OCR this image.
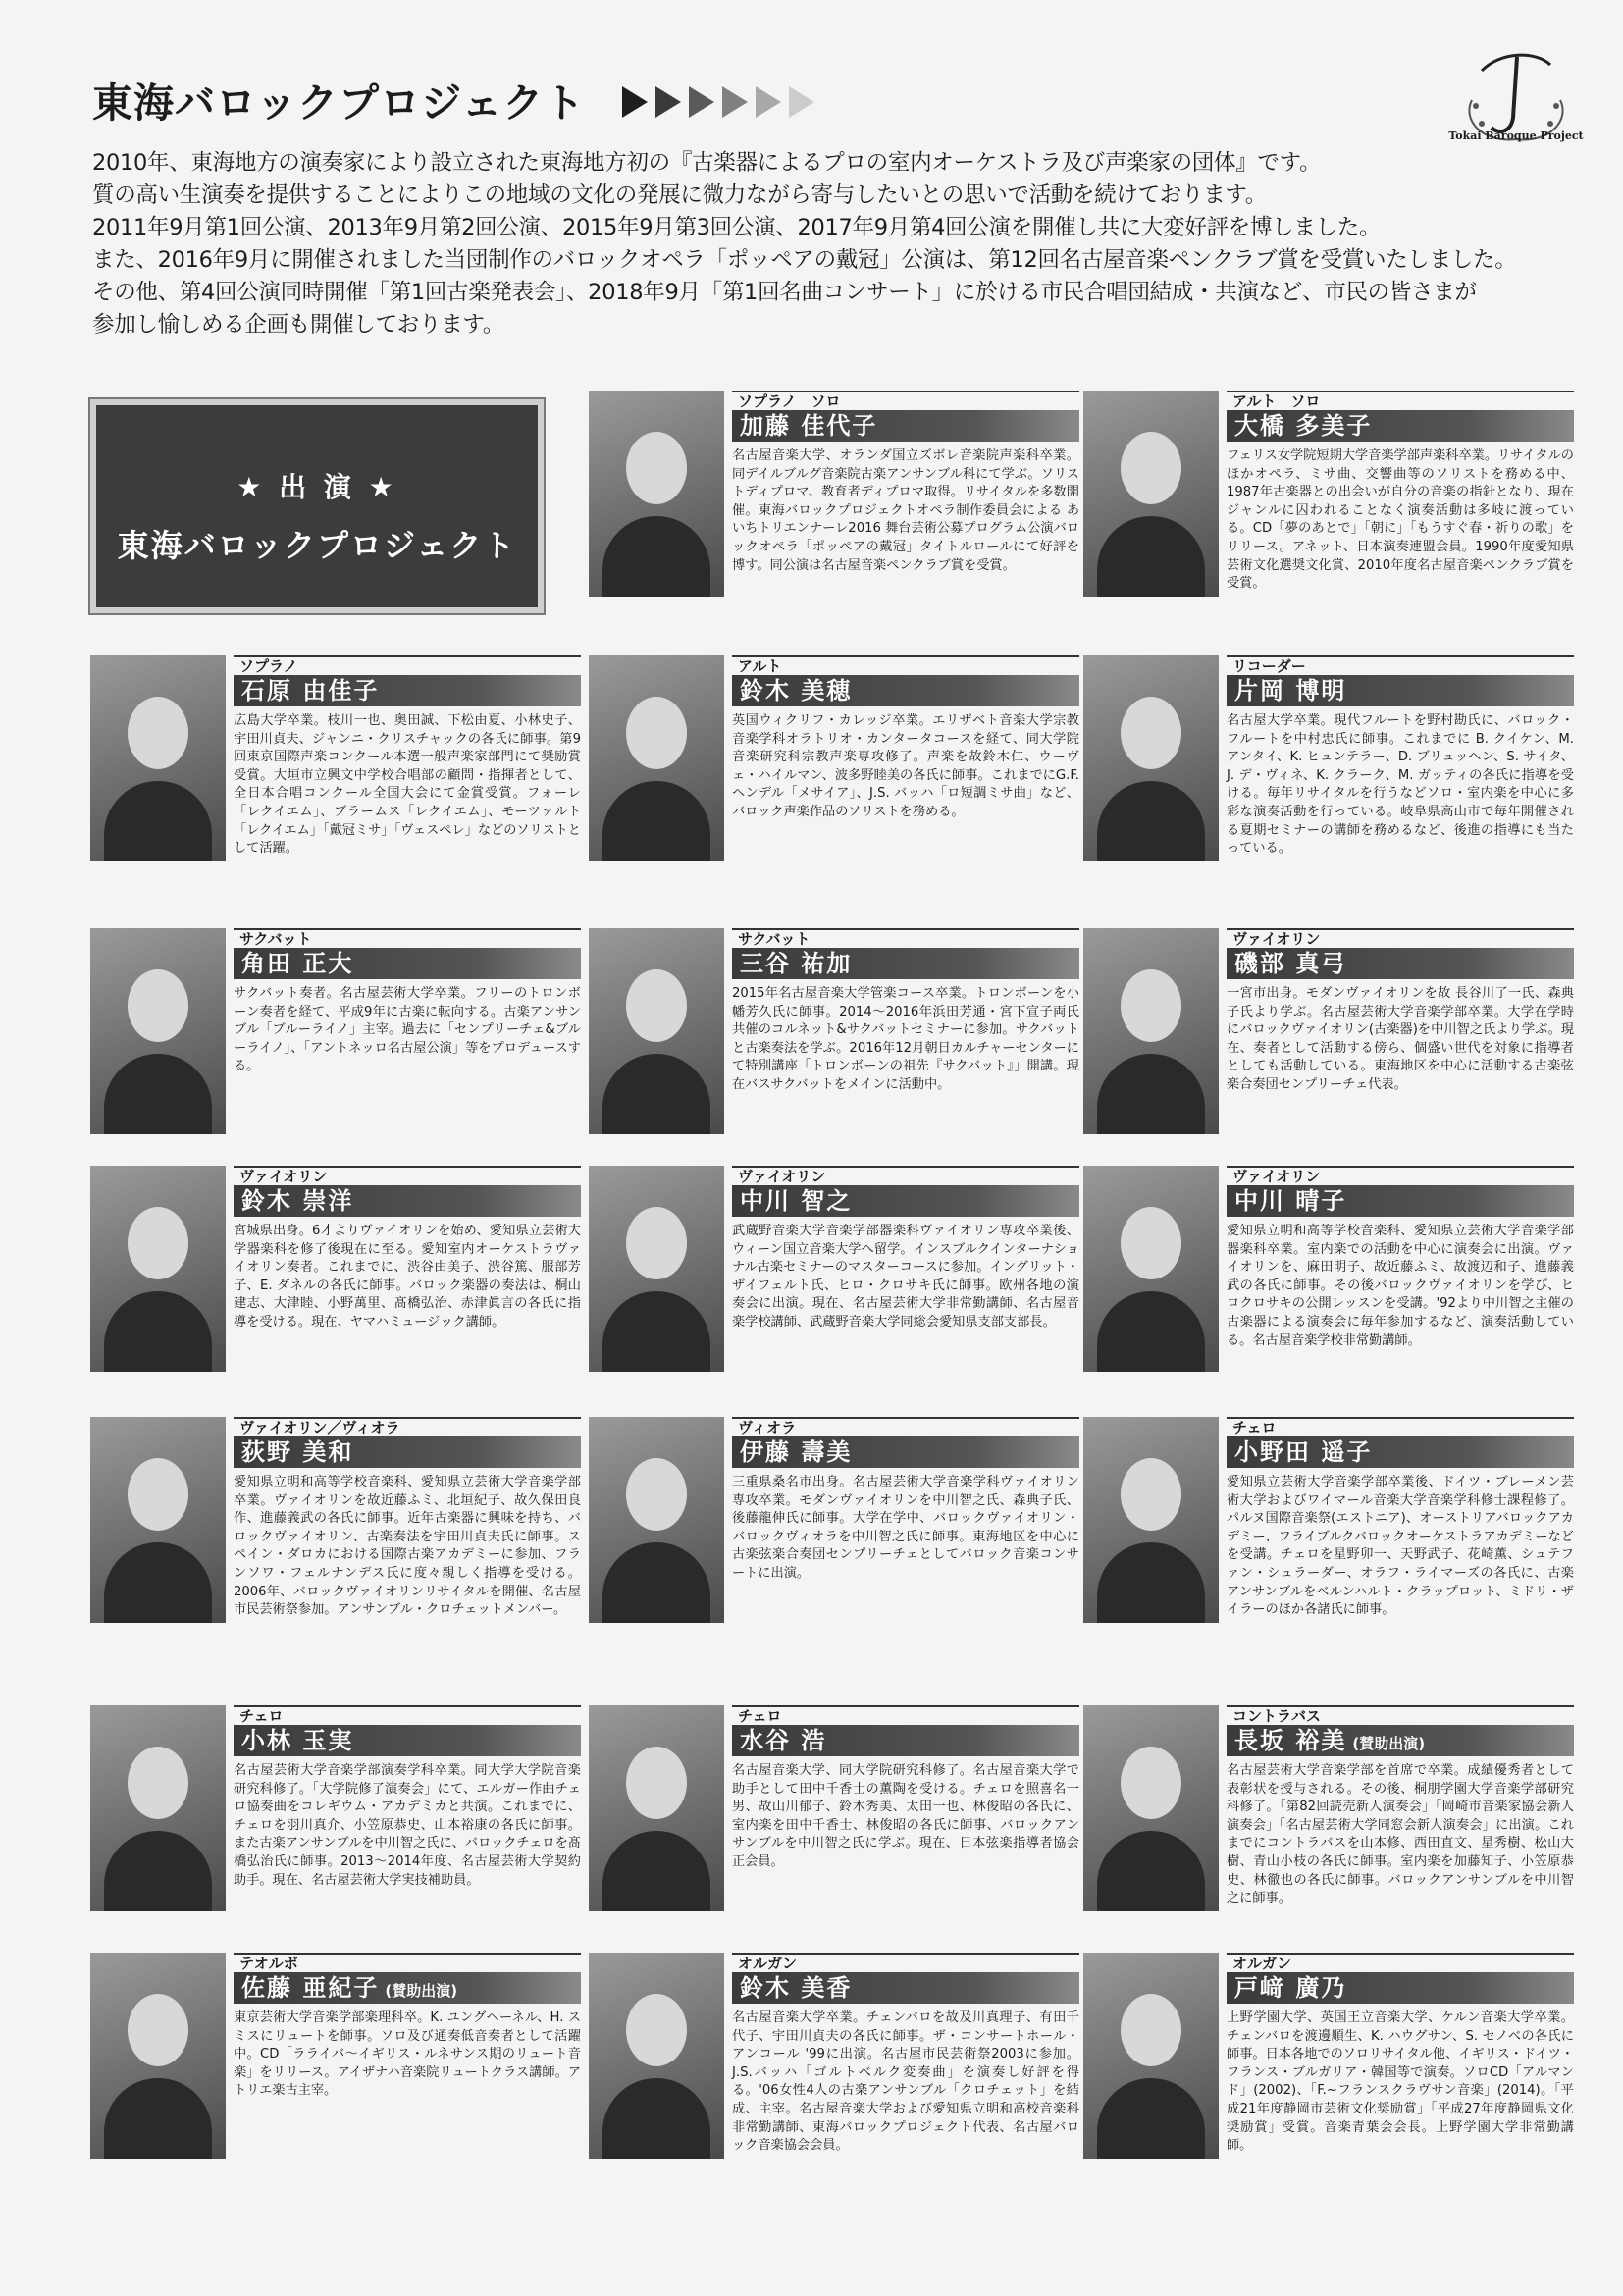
東海バロックプロジェクト
Tokai Baroque Project

2010年、東海地方の演奏家により設立された東海地方初の『古楽器によるプロの室内オーケストラ及び声楽家の団体』です。

質の高い生演奏を提供することによりこの地域の文化の発展に微力ながら寄与したいとの思いで活動を続けております。

2011年9月第1回公演、2013年9月第2回公演、2015年9月第3回公演、2017年9月第4回公演を開催し共に大変好評を博しました。

また、2016年9月に開催されました当団制作のバロックオペラ「ポッペアの戴冠」公演は、第12回名古屋音楽ペンクラブ賞を受賞いたしました。

その他、第4回公演同時開催「第1回古楽発表会」、2018年9月「第1回名曲コンサート」に於ける市民合唱団結成・共演など、市民の皆さまが

参加し愉しめる企画も開催しております。

★ 出 演 ★
東海バロックプロジェクト
ソプラノ　ソロ
加藤 佳代子

名古屋音楽大学、オランダ国立ズボレ音楽院声楽科卒業。同デイルブルグ音楽院古楽アンサンブル科にて学ぶ。ソリストディプロマ、教育者ディプロマ取得。リサイタルを多数開催。東海バロックプロジェクトオペラ制作委員会による あいちトリエンナーレ2016 舞台芸術公募プログラム公演バロックオペラ「ポッペアの戴冠」タイトルロールにて好評を博す。同公演は名古屋音楽ペンクラブ賞を受賞。

アルト　ソロ
大橋 多美子

フェリス女学院短期大学音楽学部声楽科卒業。リサイタルのほかオペラ、ミサ曲、交響曲等のソリストを務める中、1987年古楽器との出会いが自分の音楽の指針となり、現在ジャンルに囚われることなく演奏活動は多岐に渡っている。CD「夢のあとで」「朝に」「もうすぐ春・祈りの歌」をリリース。アネット、日本演奏連盟会員。1990年度愛知県芸術文化選奨文化賞、2010年度名古屋音楽ペンクラブ賞を受賞。

ソプラノ
石原 由佳子

広島大学卒業。枝川一也、奥田誠、下松由夏、小林史子、宇田川貞夫、ジャンニ・クリスチャックの各氏に師事。第9回東京国際声楽コンクール本選一般声楽家部門にて奨励賞受賞。大垣市立興文中学校合唱部の顧問・指揮者として、全日本合唱コンクール全国大会にて金賞受賞。フォーレ「レクイエム」、ブラームス「レクイエム」、モーツァルト「レクイエム」「戴冠ミサ」「ヴェスペレ」などのソリストとして活躍。

アルト
鈴木 美穂

英国ウィクリフ・カレッジ卒業。エリザベト音楽大学宗教音楽学科オラトリオ・カンタータコースを経て、同大学院音楽研究科宗教声楽専攻修了。声楽を故鈴木仁、ウーヴェ・ハイルマン、波多野睦美の各氏に師事。これまでにG.F. ヘンデル「メサイア」、J.S. バッハ「ロ短調ミサ曲」など、バロック声楽作品のソリストを務める。

リコーダー
片岡 博明

名古屋大学卒業。現代フルートを野村勘氏に、バロック・フルートを中村忠氏に師事。これまでに B. クイケン、M. アンタイ、K. ヒュンテラー、D. ブリュッヘン、S. サイタ、J. デ・ヴィネ、K. クラーク、M. ガッティの各氏に指導を受ける。毎年リサイタルを行うなどソロ・室内楽を中心に多彩な演奏活動を行っている。岐阜県高山市で毎年開催される夏期セミナーの講師を務めるなど、後進の指導にも当たっている。

サクバット
角田 正大

サクバット奏者。名古屋芸術大学卒業。フリーのトロンボーン奏者を経て、平成9年に古楽に転向する。古楽アンサンブル「ブルーライノ」主宰。過去に「センプリーチェ&ブルーライノ」、「アントネッロ名古屋公演」等をプロデュースする。

サクバット
三谷 祐加

2015年名古屋音楽大学管楽コース卒業。トロンボーンを小幡芳久氏に師事。2014～2016年浜田芳通・宮下宣子両氏共催のコルネット&サクバットセミナーに参加。サクバットと古楽奏法を学ぶ。2016年12月朝日カルチャーセンターにて特別講座「トロンボーンの祖先『サクバット』」開講。現在バスサクバットをメインに活動中。

ヴァイオリン
磯部 真弓

一宮市出身。モダンヴァイオリンを故 長谷川了一氏、森典子氏より学ぶ。名古屋芸術大学音楽学部卒業。大学在学時にバロックヴァイオリン(古楽器)を中川智之氏より学ぶ。現在、奏者として活動する傍ら、個盛い世代を対象に指導者としても活動している。東海地区を中心に活動する古楽弦楽合奏団センプリーチェ代表。

ヴァイオリン
鈴木 崇洋

宮城県出身。6才よりヴァイオリンを始め、愛知県立芸術大学器楽科を修了後現在に至る。愛知室内オーケストラヴァイオリン奏者。これまでに、渋谷由美子、渋谷篤、服部芳子、E. ダネルの各氏に師事。バロック楽器の奏法は、桐山建志、大津睦、小野萬里、髙橋弘治、赤津眞言の各氏に指導を受ける。現在、ヤマハミュージック講師。

ヴァイオリン
中川 智之

武蔵野音楽大学音楽学部器楽科ヴァイオリン専攻卒業後、ウィーン国立音楽大学へ留学。インスブルクインターナショナル古楽セミナーのマスターコースに参加。イングリット・ザイフェルト氏、ヒロ・クロサキ氏に師事。欧州各地の演奏会に出演。現在、名古屋芸術大学非常勤講師、名古屋音楽学校講師、武蔵野音楽大学同総会愛知県支部支部長。

ヴァイオリン
中川 晴子

愛知県立明和高等学校音楽科、愛知県立芸術大学音楽学部器楽科卒業。室内楽での活動を中心に演奏会に出演。ヴァイオリンを、麻田明子、故近藤ふミ、故渡辺和子、進藤義武の各氏に師事。その後バロックヴァイオリンを学び、ヒロクロサキの公開レッスンを受講。'92より中川智之主催の古楽器による演奏会に毎年参加するなど、演奏活動している。名古屋音楽学校非常勤講師。

ヴァイオリン／ヴィオラ
荻野 美和

愛知県立明和高等学校音楽科、愛知県立芸術大学音楽学部卒業。ヴァイオリンを故近藤ふミ、北垣紀子、故久保田良作、進藤義武の各氏に師事。近年古楽器に興味を持ち、バロックヴァイオリン、古楽奏法を宇田川貞夫氏に師事。スペイン・ダロカにおける国際古楽アカデミーに参加、フランソワ・フェルナンデス氏に度々親しく指導を受ける。2006年、バロックヴァイオリンリサイタルを開催、名古屋市民芸術祭参加。アンサンブル・クロチェットメンバー。

ヴィオラ
伊藤 壽美

三重県桑名市出身。名古屋芸術大学音楽学科ヴァイオリン専攻卒業。モダンヴァイオリンを中川智之氏、森典子氏、後藤龍伸氏に師事。大学在学中、バロックヴァイオリン・バロックヴィオラを中川智之氏に師事。東海地区を中心に古楽弦楽合奏団センプリーチェとしてバロック音楽コンサートに出演。

チェロ
小野田 遥子

愛知県立芸術大学音楽学部卒業後、ドイツ・ブレーメン芸術大学およびワイマール音楽大学音楽学科修士課程修了。パルヌ国際音楽祭(エストニア)、オーストリアバロックアカデミー、フライブルクバロックオーケストラアカデミーなどを受講。チェロを星野卯一、天野武子、花崎薫、シュテファン・シュラーダー、オラフ・ライマーズの各氏に、古楽アンサンブルをベルンハルト・クラップロット、ミドリ・ザイラーのほか各諸氏に師事。

チェロ
小林 玉実

名古屋芸術大学音楽学部演奏学科卒業。同大学大学院音楽研究科修了。「大学院修了演奏会」にて、エルガー作曲チェロ協奏曲をコレギウム・アカデミカと共演。これまでに、チェロを羽川真介、小笠原恭史、山本裕康の各氏に師事。また古楽アンサンブルを中川智之氏に、バロックチェロを髙橋弘治氏に師事。2013～2014年度、名古屋芸術大学契約助手。現在、名古屋芸術大学実技補助員。

チェロ
水谷 浩

名古屋音楽大学、同大学院研究科修了。名古屋音楽大学で助手として田中千香士の薫陶を受ける。チェロを照喜名一男、故山川郁子、鈴木秀美、太田一也、林俊昭の各氏に、室内楽を田中千香士、林俊昭の各氏に師事、バロックアンサンブルを中川智之氏に学ぶ。現在、日本弦楽指導者協会正会員。

コントラバス
長坂 裕美 (賛助出演)

名古屋芸術大学音楽学部を首席で卒業。成績優秀者として表彰状を授与される。その後、桐朋学園大学音楽学部研究科修了。「第82回読売新人演奏会」「岡崎市音楽家協会新人演奏会」「名古屋芸術大学同窓会新人演奏会」に出演。これまでにコントラバスを山本修、西田直文、星秀樹、松山大樹、青山小枝の各氏に師事。室内楽を加藤知子、小笠原恭史、林徹也の各氏に師事。バロックアンサンブルを中川智之に師事。

テオルボ
佐藤 亜紀子 (賛助出演)

東京芸術大学音楽学部楽理科卒。K. ユングヘーネル、H. スミスにリュートを師事。ソロ及び通奏低音奏者として活躍中。CD「ラライバ～イギリス・ルネサンス期のリュート音楽」をリリース。アイザナハ音楽院リュートクラス講師。アトリエ楽古主宰。

オルガン
鈴木 美香

名古屋音楽大学卒業。チェンバロを故及川真理子、有田千代子、宇田川貞夫の各氏に師事。ザ・コンサートホール・アンコール '99に出演。名古屋市民芸術祭2003に参加。J.S.バッハ「ゴルトベルク変奏曲」を演奏し好評を得る。'06女性4人の古楽アンサンブル「クロチェット」を結成、主宰。名古屋音楽大学および愛知県立明和高校音楽科非常勤講師、東海バロックプロジェクト代表、名古屋バロック音楽協会会員。

オルガン
戸﨑 廣乃

上野学園大学、英国王立音楽大学、ケルン音楽大学卒業。チェンバロを渡邊順生、K. ハウグサン、S. セノベの各氏に師事。日本各地でのソロリサイタル他、イギリス・ドイツ・フランス・ブルガリア・韓国等で演奏。ソロCD「アルマンド」(2002)、「F.~フランスクラヴサン音楽」(2014)。「平成21年度静岡市芸術文化奨励賞」「平成27年度静岡県文化奨励賞」受賞。音楽青葉会会長。上野学園大学非常勤講師。
